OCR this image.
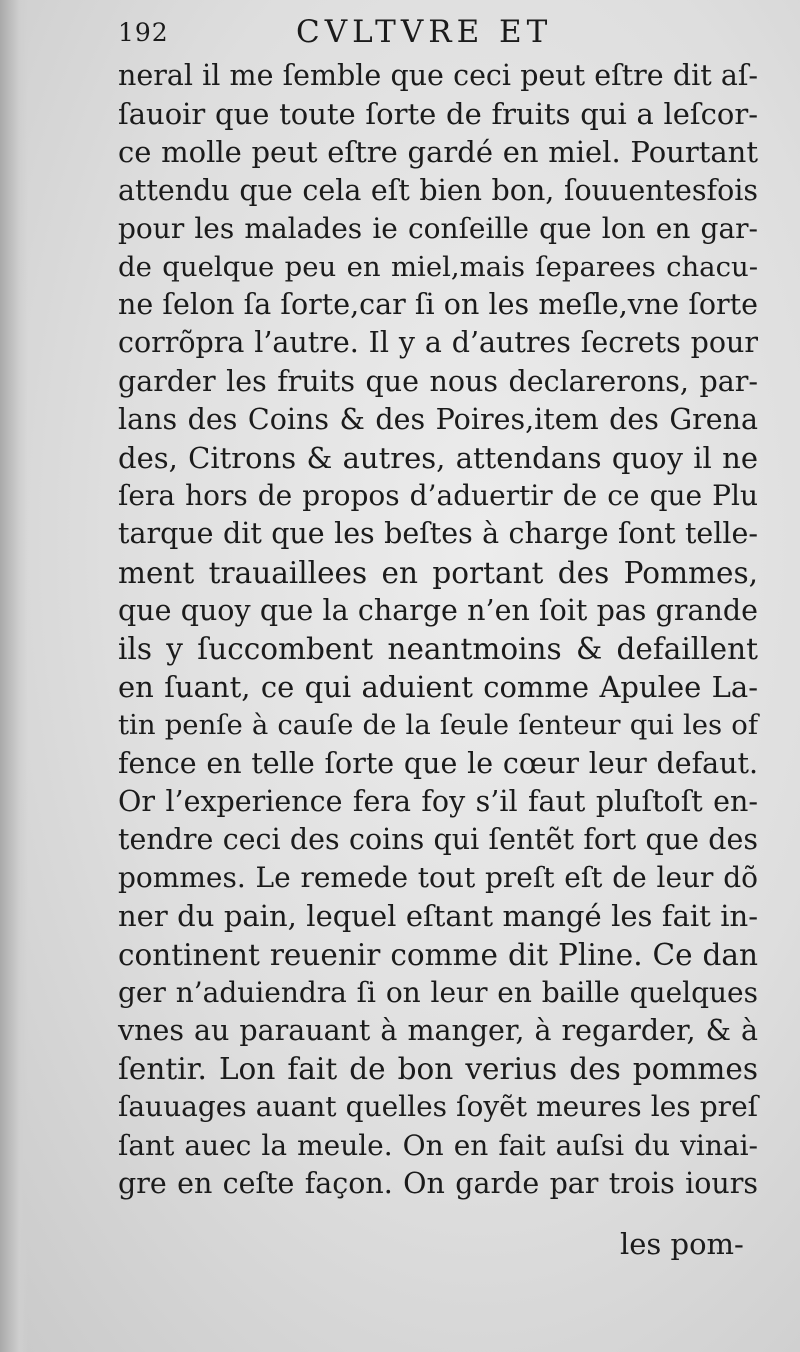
192	CVLTVRE ET
neral il me ſemble que ceci peut eſtre dit aſ-
ſauoir que toute ſorte de fruits qui a leſcor-
ce molle peut eſtre gardé en miel. Pourtant
attendu que cela eſt bien bon, ſouuentesfois
pour les malades ie conſeille que lon en gar-
de quelque peu en miel,mais ſeparees chacu-
ne ſelon ſa ſorte,car ſi on les meſle,vne ſorte
corrõpra l’autre. Il y a d’autres ſecrets pour
garder les fruits que nous declarerons, par-
lans des Coins & des Poires,item des Grena
des, Citrons & autres, attendans quoy il ne
ſera hors de propos d’aduertir de ce que Plu
tarque dit que les beſtes à charge ſont telle-
ment trauaillees en portant des Pommes,
que quoy que la charge n’en ſoit pas grande
ils y ſuccombent neantmoins & defaillent
en ſuant, ce qui aduient comme Apulee La-
tin penſe à cauſe de la ſeule ſenteur qui les of
fence en telle ſorte que le cœur leur defaut.
Or l’experience fera foy s’il faut pluſtoſt en-
tendre ceci des coins qui ſentẽt fort que des
pommes. Le remede tout preſt eſt de leur dõ
ner du pain, lequel eſtant mangé les fait in-
continent reuenir comme dit Pline. Ce dan
ger n’aduiendra ſi on leur en baille quelques
vnes au parauant à manger, à regarder, & à
ſentir. Lon fait de bon verius des pommes
ſauuages auant quelles ſoyẽt meures les preſ
ſant auec la meule. On en fait auſsi du vinai-
gre en ceſte façon. On garde par trois iours
les pom-
